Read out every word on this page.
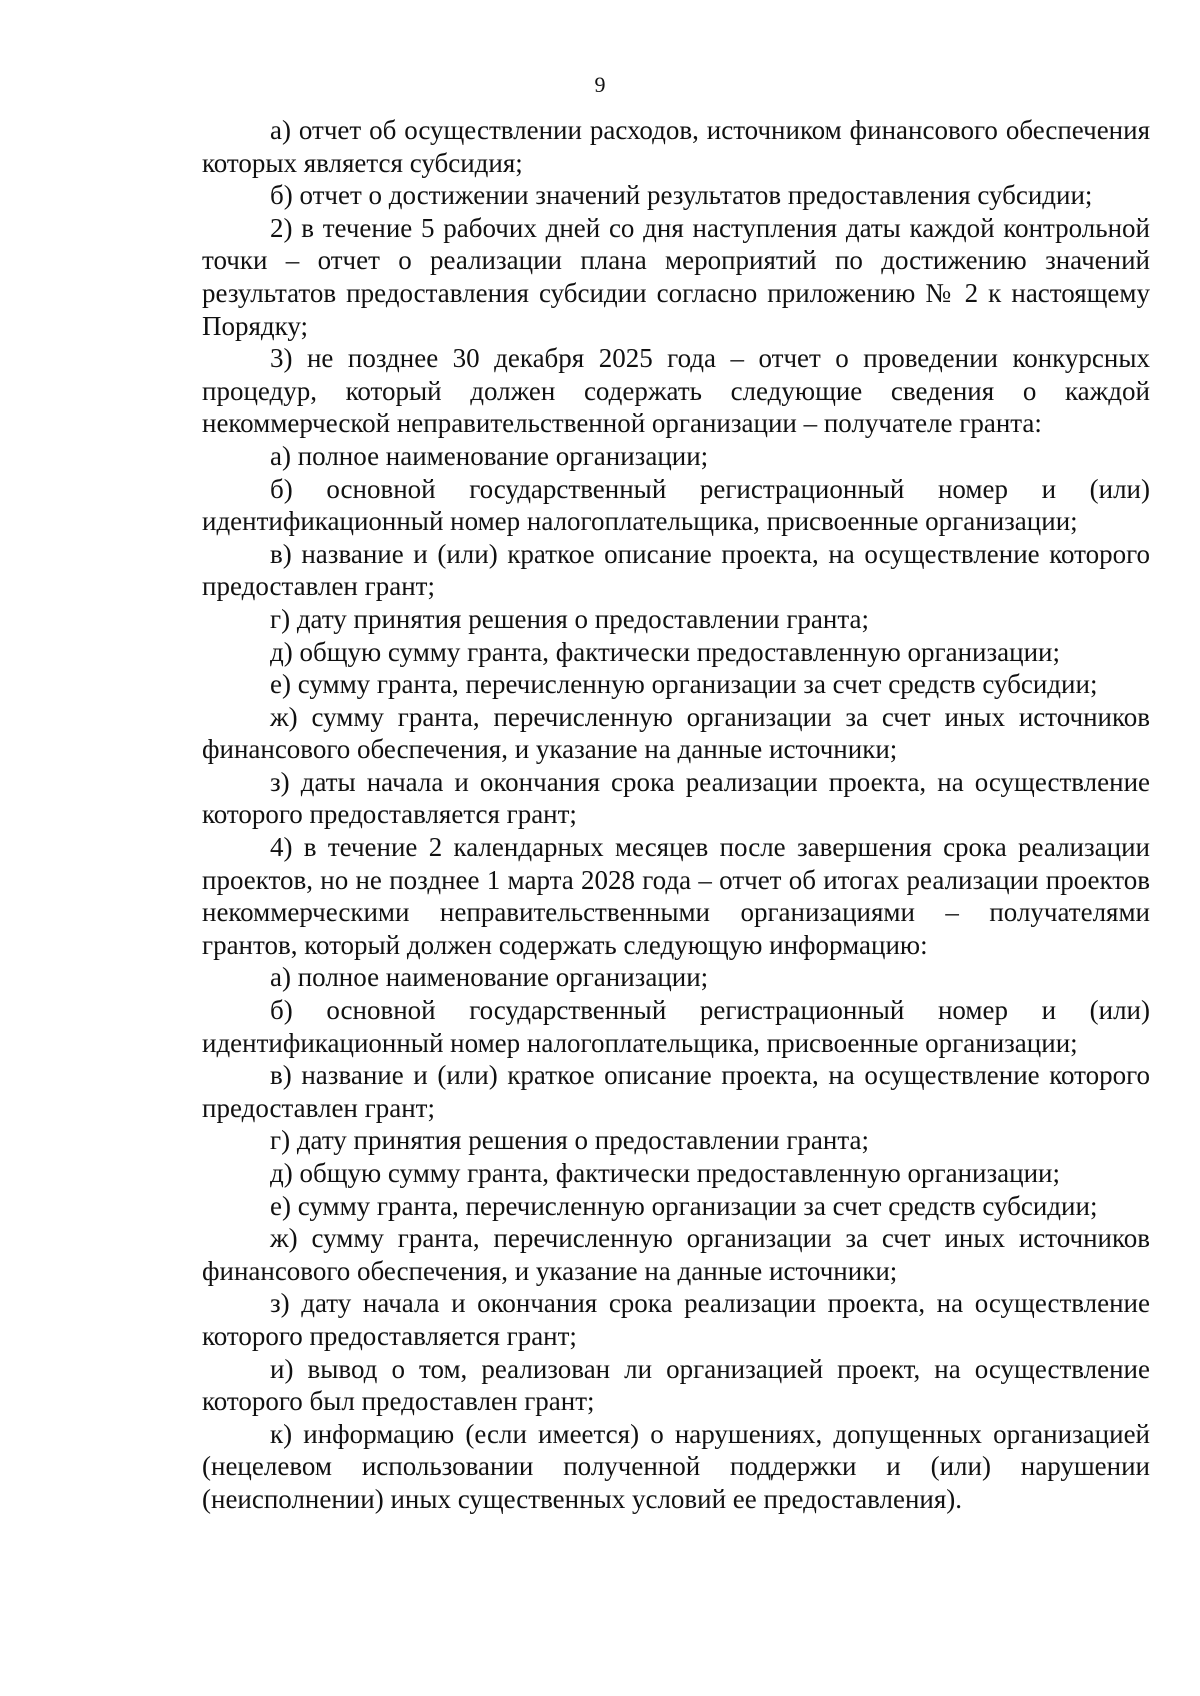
9

а) отчет об осуществлении расходов, источником финансового обеспечения которых является субсидия;

б) отчет о достижении значений результатов предоставления субсидии;

2) в течение 5 рабочих дней со дня наступления даты каждой контрольной точки – отчет о реализации плана мероприятий по достижению значений результатов предоставления субсидии согласно приложению № 2 к настоящему Порядку;

3) не позднее 30 декабря 2025 года – отчет о проведении конкурсных процедур, который должен содержать следующие сведения о каждой некоммерческой неправительственной организации – получателе гранта:

а) полное наименование организации;

б) основной государственный регистрационный номер и (или) идентификационный номер налогоплательщика, присвоенные организации;

в) название и (или) краткое описание проекта, на осуществление которого предоставлен грант;

г) дату принятия решения о предоставлении гранта;

д) общую сумму гранта, фактически предоставленную организации;

е) сумму гранта, перечисленную организации за счет средств субсидии;

ж) сумму гранта, перечисленную организации за счет иных источников финансового обеспечения, и указание на данные источники;

з) даты начала и окончания срока реализации проекта, на осуществление которого предоставляется грант;

4) в течение 2 календарных месяцев после завершения срока реализации проектов, но не позднее 1 марта 2028 года – отчет об итогах реализации проектов некоммерческими неправительственными организациями – получателями грантов, который должен содержать следующую информацию:

а) полное наименование организации;

б) основной государственный регистрационный номер и (или) идентификационный номер налогоплательщика, присвоенные организации;

в) название и (или) краткое описание проекта, на осуществление которого предоставлен грант;

г) дату принятия решения о предоставлении гранта;

д) общую сумму гранта, фактически предоставленную организации;

е) сумму гранта, перечисленную организации за счет средств субсидии;

ж) сумму гранта, перечисленную организации за счет иных источников финансового обеспечения, и указание на данные источники;

з) дату начала и окончания срока реализации проекта, на осуществление которого предоставляется грант;

и) вывод о том, реализован ли организацией проект, на осуществление которого был предоставлен грант;

к) информацию (если имеется) о нарушениях, допущенных организацией (нецелевом использовании полученной поддержки и (или) нарушении (неисполнении) иных существенных условий ее предоставления).
